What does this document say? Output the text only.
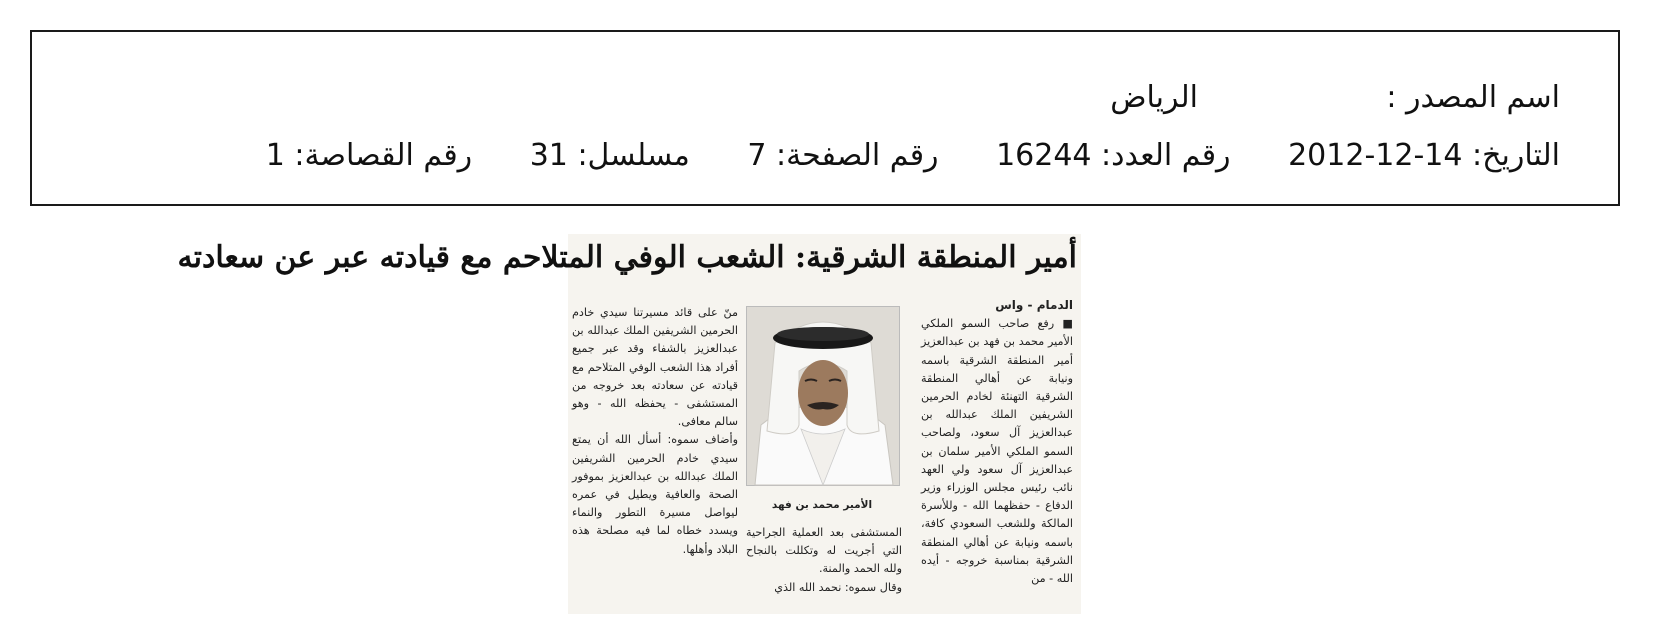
اسم المصدر :
الرياض
التاريخ: 14-12-2012 رقم العدد: 16244 رقم الصفحة: 7 مسلسل: 31 رقم القصاصة: 1
أمير المنطقة الشرقية: الشعب الوفي المتلاحم مع قيادته عبر عن سعادته
الدمام - واس

■ رفع صاحب السمو الملكي الأمير محمد بن فهد بن عبدالعزيز أمير المنطقة الشرقية باسمه ونيابة عن أهالي المنطقة الشرقية التهنئة لخادم الحرمين الشريفين الملك عبدالله بن عبدالعزيز آل سعود، ولصاحب السمو الملكي الأمير سلمان بن عبدالعزيز آل سعود ولي العهد نائب رئيس مجلس الوزراء وزير الدفاع - حفظهما الله - وللأسرة المالكة وللشعب السعودي كافة، باسمه ونيابة عن أهالي المنطقة الشرقية بمناسبة خروجه - أيده الله - من

الأمير محمد بن فهد

المستشفى بعد العملية الجراحية التي أجريت له وتكللت بالنجاح ولله الحمد والمنة.

وقال سموه: نحمد الله الذي

منّ على قائد مسيرتنا سيدي خادم الحرمين الشريفين الملك عبدالله بن عبدالعزيز بالشفاء وقد عبر جميع أفراد هذا الشعب الوفي المتلاحم مع قيادته عن سعادته بعد خروجه من المستشفى - يحفظه الله - وهو سالم معافى.

وأضاف سموه: أسأل الله أن يمتع سيدي خادم الحرمين الشريفين الملك عبدالله بن عبدالعزيز بموفور الصحة والعافية ويطيل في عمره ليواصل مسيرة التطور والنماء ويسدد خطاه لما فيه مصلحة هذه البلاد وأهلها.
